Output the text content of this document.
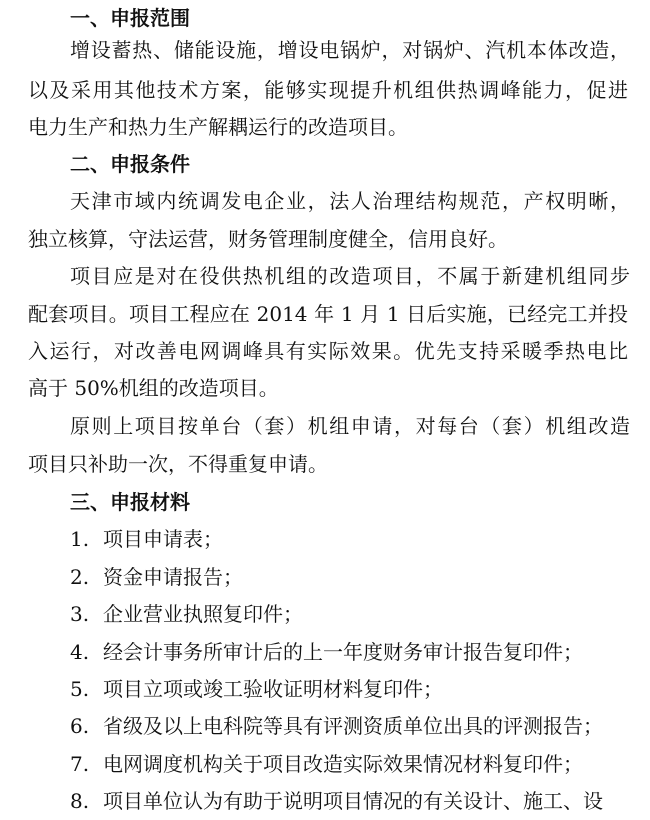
一、申报范围
增设蓄热、储能设施，增设电锅炉，对锅炉、汽机本体改造，
以及采用其他技术方案，能够实现提升机组供热调峰能力，促进
电力生产和热力生产解耦运行的改造项目。
二、申报条件
天津市域内统调发电企业，法人治理结构规范，产权明晰，
独立核算，守法运营，财务管理制度健全，信用良好。
项目应是对在役供热机组的改造项目，不属于新建机组同步
配套项目。项目工程应在 2014 年 1 月 1 日后实施，已经完工并投
入运行，对改善电网调峰具有实际效果。优先支持采暖季热电比
高于 50%机组的改造项目。
原则上项目按单台（套）机组申请，对每台（套）机组改造
项目只补助一次，不得重复申请。
三、申报材料
1. 项目申请表；
2. 资金申请报告；
3. 企业营业执照复印件；
4. 经会计事务所审计后的上一年度财务审计报告复印件；
5. 项目立项或竣工验收证明材料复印件；
6. 省级及以上电科院等具有评测资质单位出具的评测报告；
7. 电网调度机构关于项目改造实际效果情况材料复印件；
8. 项目单位认为有助于说明项目情况的有关设计、施工、设
